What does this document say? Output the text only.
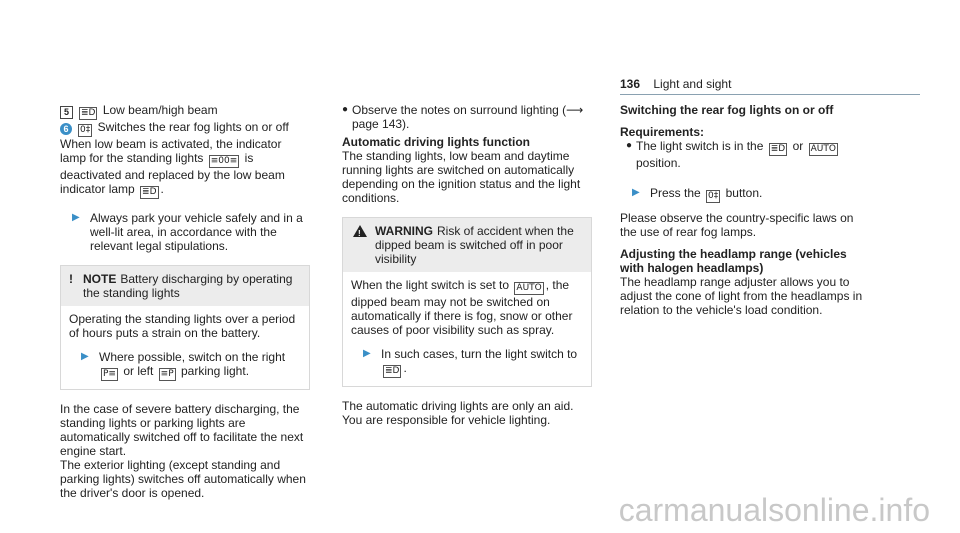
136 Light and sight

5 ≣D Low beam/high beam

6 0‡ Switches the rear fog lights on or off

When low beam is activated, the indicator lamp for the standing lights ≡00≡ is deactivated and replaced by the low beam indicator lamp ≣D .

▶ Always park your vehicle safely and in a well-lit area, in accordance with the relevant legal stipulations.
! NOTE Battery discharging by operating the standing lights

Operating the standing lights over a period of hours puts a strain on the battery.

▶ Where possible, switch on the right P≡ or left ≡P parking light.

In the case of severe battery discharging, the standing lights or parking lights are automatically switched off to facilitate the next engine start.

The exterior lighting (except standing and parking lights) switches off automatically when the driver's door is opened.

● Observe the notes on surround lighting (⟶ page 143).

Automatic driving lights function

The standing lights, low beam and daytime running lights are switched on automatically depending on the ignition status and the light conditions.

! WARNING Risk of accident when the dipped beam is switched off in poor visibility

When the light switch is set to AUTO , the dipped beam may not be switched on automatically if there is fog, snow or other causes of poor visibility such as spray.

▶ In such cases, turn the light switch to ≣D .

The automatic driving lights are only an aid. You are responsible for vehicle lighting.

Switching the rear fog lights on or off

Requirements:

● The light switch is in the ≣D or AUTO position.
▶ Press the 0‡ button.

Please observe the country-specific laws on the use of rear fog lamps.

Adjusting the headlamp range (vehicles with halogen headlamps)

The headlamp range adjuster allows you to adjust the cone of light from the headlamps in relation to the vehicle's load condition.

carmanualsonline.info
